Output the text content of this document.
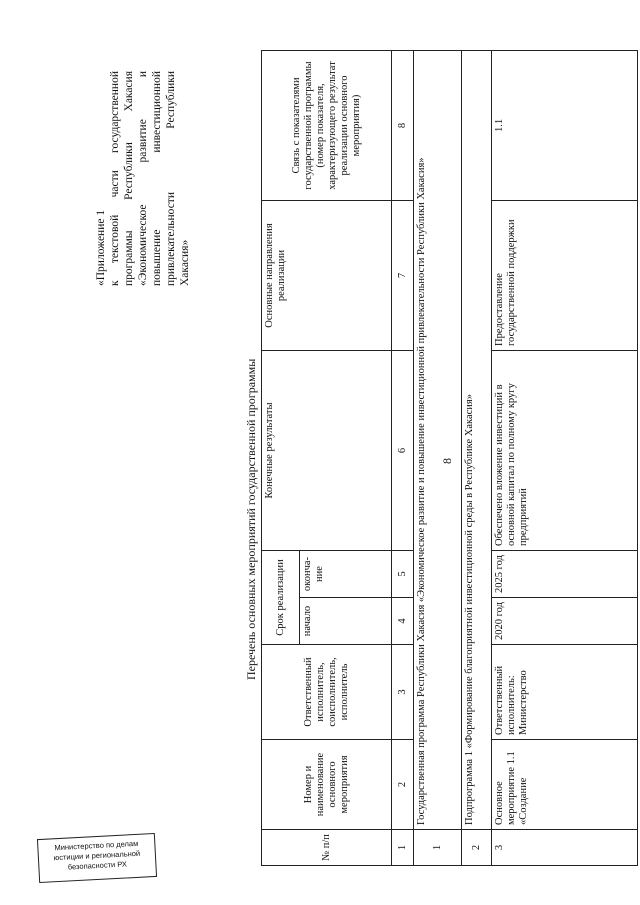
8
«Приложение 1 к текстовой части государственной программы Республики Хакасия «Экономическое развитие и повышение инвестиционной привлекательности Республики Хакасия»
Перечень основных мероприятий государственной программы
№ п/п	Номер и наименование основного мероприятия	Ответственный исполнитель, соисполнитель, исполнитель	Срок реализации		Конечные результаты	Основные направления реализации	Связь с показателями государственной программы (номер показателя, характеризующего результат реализации основного мероприятия)
			начало	оконча-ние			
1	2	3	4	5	6	7	8
1	Государственная программа Республики Хакасия «Экономическое развитие и повышение инвестиционной привлекательности Республики Хакасия»						
2	Подпрограмма 1 «Формирование благоприятной инвестиционной среды в Республике Хакасия»						
3	Основное мероприятие 1.1 «Создание	Ответственный исполнитель: Министерство	2020 год	2025 год	Обеспечено вложение инвестиций в основной капитал по полному кругу предприятий	Предоставление государственной поддержки	1.1
Министерство по делам
юстиции и региональной
безопасности РХ
